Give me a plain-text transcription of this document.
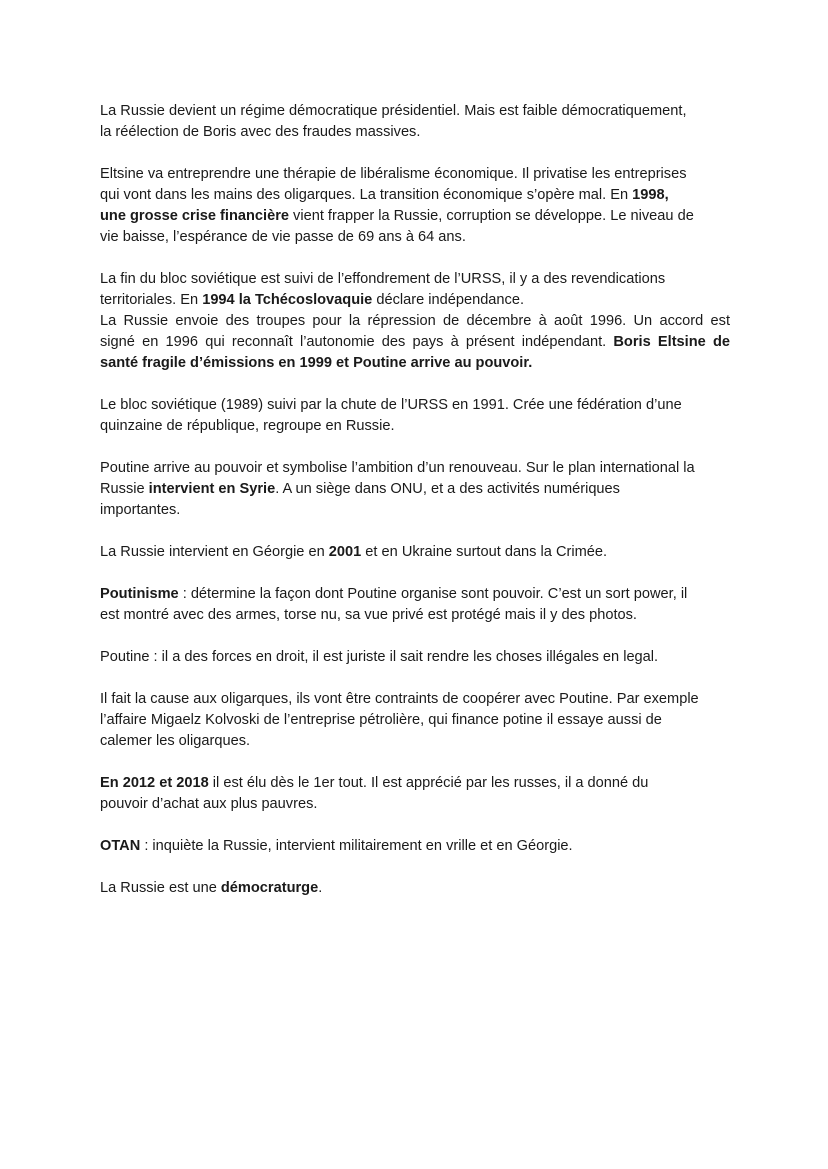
La Russie devient un régime démocratique présidentiel. Mais est faible démocratiquement,
la réélection de Boris avec des fraudes massives.

Eltsine va entreprendre une thérapie de libéralisme économique. Il privatise les entreprises
qui vont dans les mains des oligarques. La transition économique s’opère mal. En 1998,
une grosse crise financière vient frapper la Russie, corruption se développe. Le niveau de
vie baisse, l’espérance de vie passe de 69 ans à 64 ans.

La fin du bloc soviétique est suivi de l’effondrement de l’URSS, il y a des revendications
territoriales. En 1994 la Tchécoslovaquie déclare indépendance.
La Russie envoie des troupes pour la répression de décembre à août 1996. Un accord est
signé en 1996 qui reconnaît l’autonomie des pays à présent indépendant. Boris Eltsine de
santé fragile d’émissions en 1999 et Poutine arrive au pouvoir.

Le bloc soviétique (1989) suivi par la chute de l’URSS en 1991. Crée une fédération d’une
quinzaine de république, regroupe en Russie.

Poutine arrive au pouvoir et symbolise l’ambition d’un renouveau. Sur le plan international la
Russie intervient en Syrie. A un siège dans ONU, et a des activités numériques
importantes.

La Russie intervient en Géorgie en 2001 et en Ukraine surtout dans la Crimée.

Poutinisme : détermine la façon dont Poutine organise sont pouvoir. C’est un sort power, il
est montré avec des armes, torse nu, sa vue privé est protégé mais il y des photos.

Poutine : il a des forces en droit, il est juriste il sait rendre les choses illégales en legal.

Il fait la cause aux oligarques, ils vont être contraints de coopérer avec Poutine. Par exemple
l’affaire Migaelz Kolvoski de l’entreprise pétrolière, qui finance potine il essaye aussi de
calemer les oligarques.

En 2012 et 2018 il est élu dès le 1er tout. Il est apprécié par les russes, il a donné du
pouvoir d’achat aux plus pauvres.

OTAN : inquiète la Russie, intervient militairement en vrille et en Géorgie.

La Russie est une démocraturge.
